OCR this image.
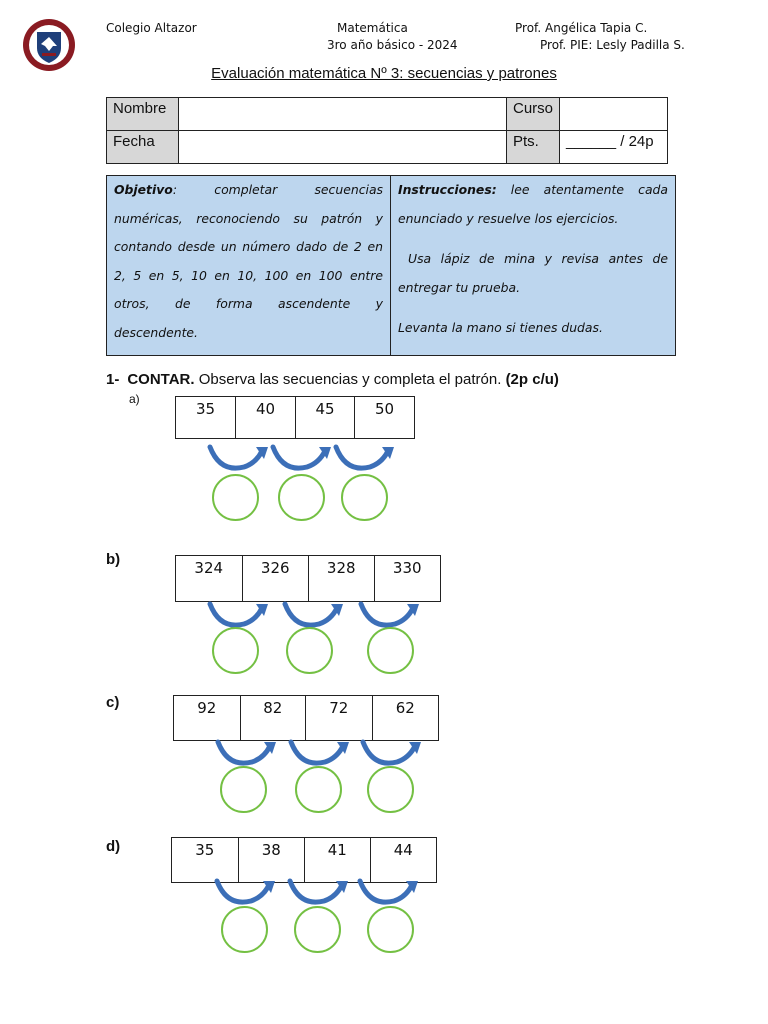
Colegio Altazor	Matemática
3ro año básico - 2024
Prof. Angélica Tapia C.
Prof. PIE: Lesly Padilla S.
Evaluación matemática Nº 3: secuencias y patrones
Nombre		Curso	
Fecha		Pts.	______ / 24p

Objetivo: completar secuencias numéricas, reconociendo su patrón y contando desde un número dado de 2 en 2, 5 en 5, 10 en 10, 100 en 100 entre otros, de forma ascendente y descendente.

Instrucciones: lee atentamente cada enunciado y resuelve los ejercicios.

Usa lápiz de mina y revisa antes de entregar tu prueba.

Levanta la mano si tienes dudas.

1- CONTAR. Observa las secuencias y completa el patrón. (2p c/u)
a)
35	40	45	50
b)	324	326	328	330
c)	92	82	72	62
d)	35	38	41	44
